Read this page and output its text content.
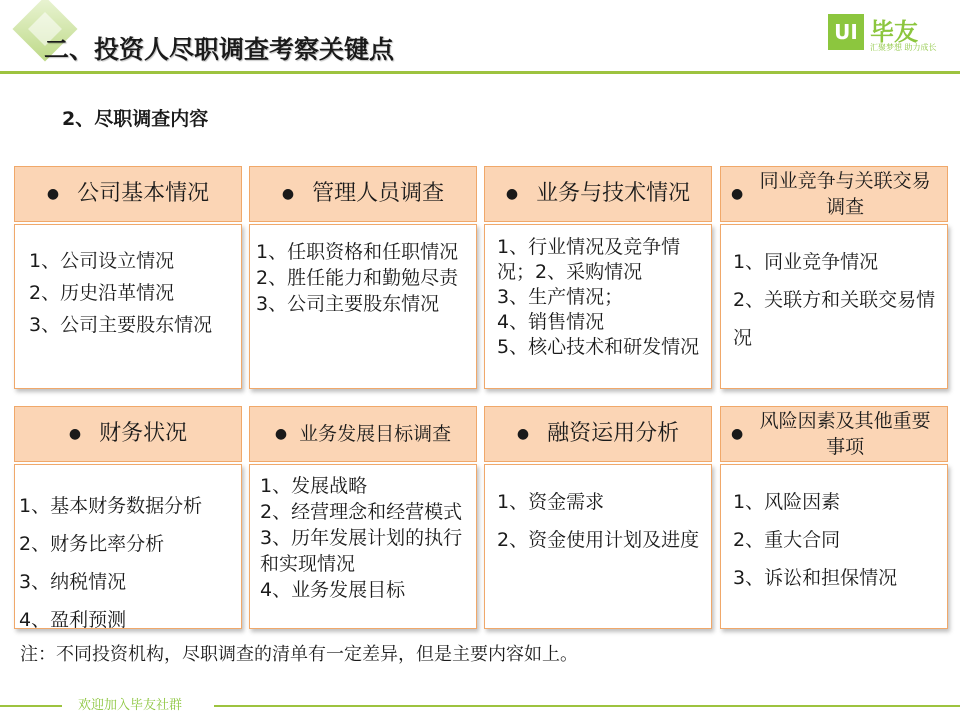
二、投资人尽职调查考察关键点
UI 毕友
汇聚梦想 助力成长
2、尽职调查内容
● 公司基本情况
1、公司设立情况
2、历史沿革情况
3、公司主要股东情况
● 管理人员调查
1、任职资格和任职情况
2、胜任能力和勤勉尽责
3、公司主要股东情况
● 业务与技术情况
1、行业情况及竞争情况；2、采购情况
3、生产情况；
4、销售情况
5、核心技术和研发情况
●
同业竞争与关联交易调查
1、同业竞争情况
2、关联方和关联交易情况
● 财务状况
1、基本财务数据分析
2、财务比率分析
3、纳税情况
4、盈利预测
● 业务发展目标调查
1、发展战略
2、经营理念和经营模式
3、历年发展计划的执行和实现情况
4、业务发展目标
● 融资运用分析
1、资金需求
2、资金使用计划及进度
●
风险因素及其他重要事项
1、风险因素
2、重大合同
3、诉讼和担保情况
注：不同投资机构，尽职调查的清单有一定差异，但是主要内容如上。
欢迎加入毕友社群
